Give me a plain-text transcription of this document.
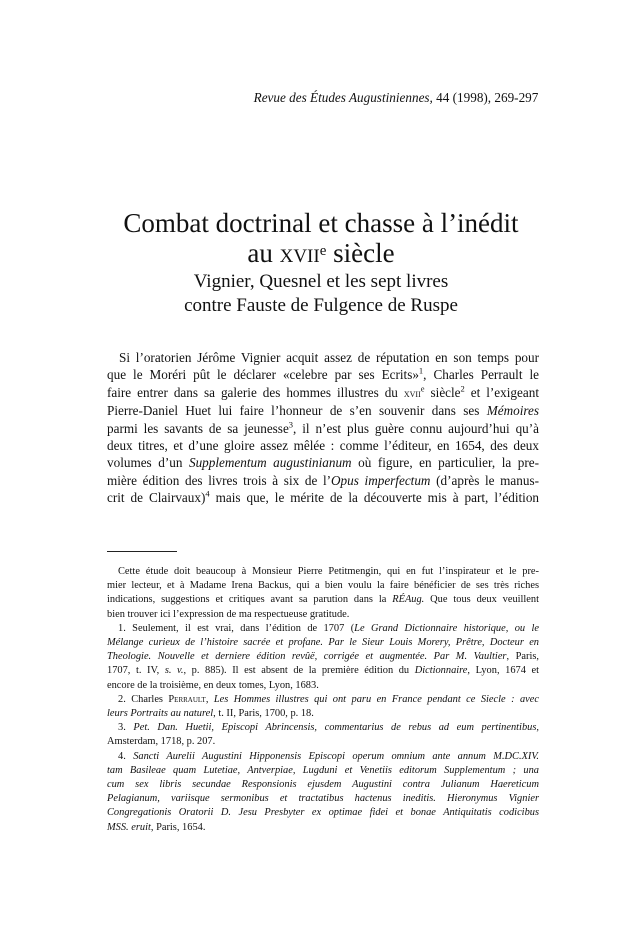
Revue des Études Augustiniennes, 44 (1998), 269-297
Combat doctrinal et chasse à l’inédit
au xvii$^e$ siècle
Vignier, Quesnel et les sept livres
contre Fauste de Fulgence de Ruspe
Si l’oratorien Jérôme Vignier acquit assez de réputation en son temps pour
que le Moréri pût le déclarer «celebre par ses Ecrits»$^1$, Charles Perrault le
faire entrer dans sa galerie des hommes illustres du xvii$^e$ siècle$^2$ et l’exigeant
Pierre-Daniel Huet lui faire l’honneur de s’en souvenir dans ses Mémoires
parmi les savants de sa jeunesse$^3$, il n’est plus guère connu aujourd’hui qu’à
deux titres, et d’une gloire assez mêlée : comme l’éditeur, en 1654, des deux
volumes d’un Supplementum augustinianum où figure, en particulier, la pre-
mière édition des livres trois à six de l’Opus imperfectum (d’après le manus-
crit de Clairvaux)$^4$ mais que, le mérite de la découverte mis à part, l’édition
Cette étude doit beaucoup à Monsieur Pierre Petitmengin, qui en fut l’inspirateur et le pre-
mier lecteur, et à Madame Irena Backus, qui a bien voulu la faire bénéficier de ses très riches
indications, suggestions et critiques avant sa parution dans la RÉAug. Que tous deux veuillent
bien trouver ici l’expression de ma respectueuse gratitude.
1. Seulement, il est vrai, dans l’édition de 1707 (Le Grand Dictionnaire historique, ou le
Mélange curieux de l’histoire sacrée et profane. Par le Sieur Louis Morery, Prêtre, Docteur en
Theologie. Nouvelle et derniere édition revûë, corrigée et augmentée. Par M. Vaultier, Paris,
1707, t. IV, s. v., p. 885). Il est absent de la première édition du Dictionnaire, Lyon, 1674 et
encore de la troisième, en deux tomes, Lyon, 1683.
2. Charles Perrault, Les Hommes illustres qui ont paru en France pendant ce Siecle : avec
leurs Portraits au naturel, t. II, Paris, 1700, p. 18.
3. Pet. Dan. Huetii, Episcopi Abrincensis, commentarius de rebus ad eum pertinentibus,
Amsterdam, 1718, p. 207.
4. Sancti Aurelii Augustini Hipponensis Episcopi operum omnium ante annum M.DC.XIV.
tam Basileae quam Lutetiae, Antverpiae, Lugduni et Venetiis editorum Supplementum ; una
cum sex libris secundae Responsionis ejusdem Augustini contra Julianum Haereticum
Pelagianum, variisque sermonibus et tractatibus hactenus ineditis. Hieronymus Vignier
Congregationis Oratorii D. Jesu Presbyter ex optimae fidei et bonae Antiquitatis codicibus
MSS. eruit, Paris, 1654.
